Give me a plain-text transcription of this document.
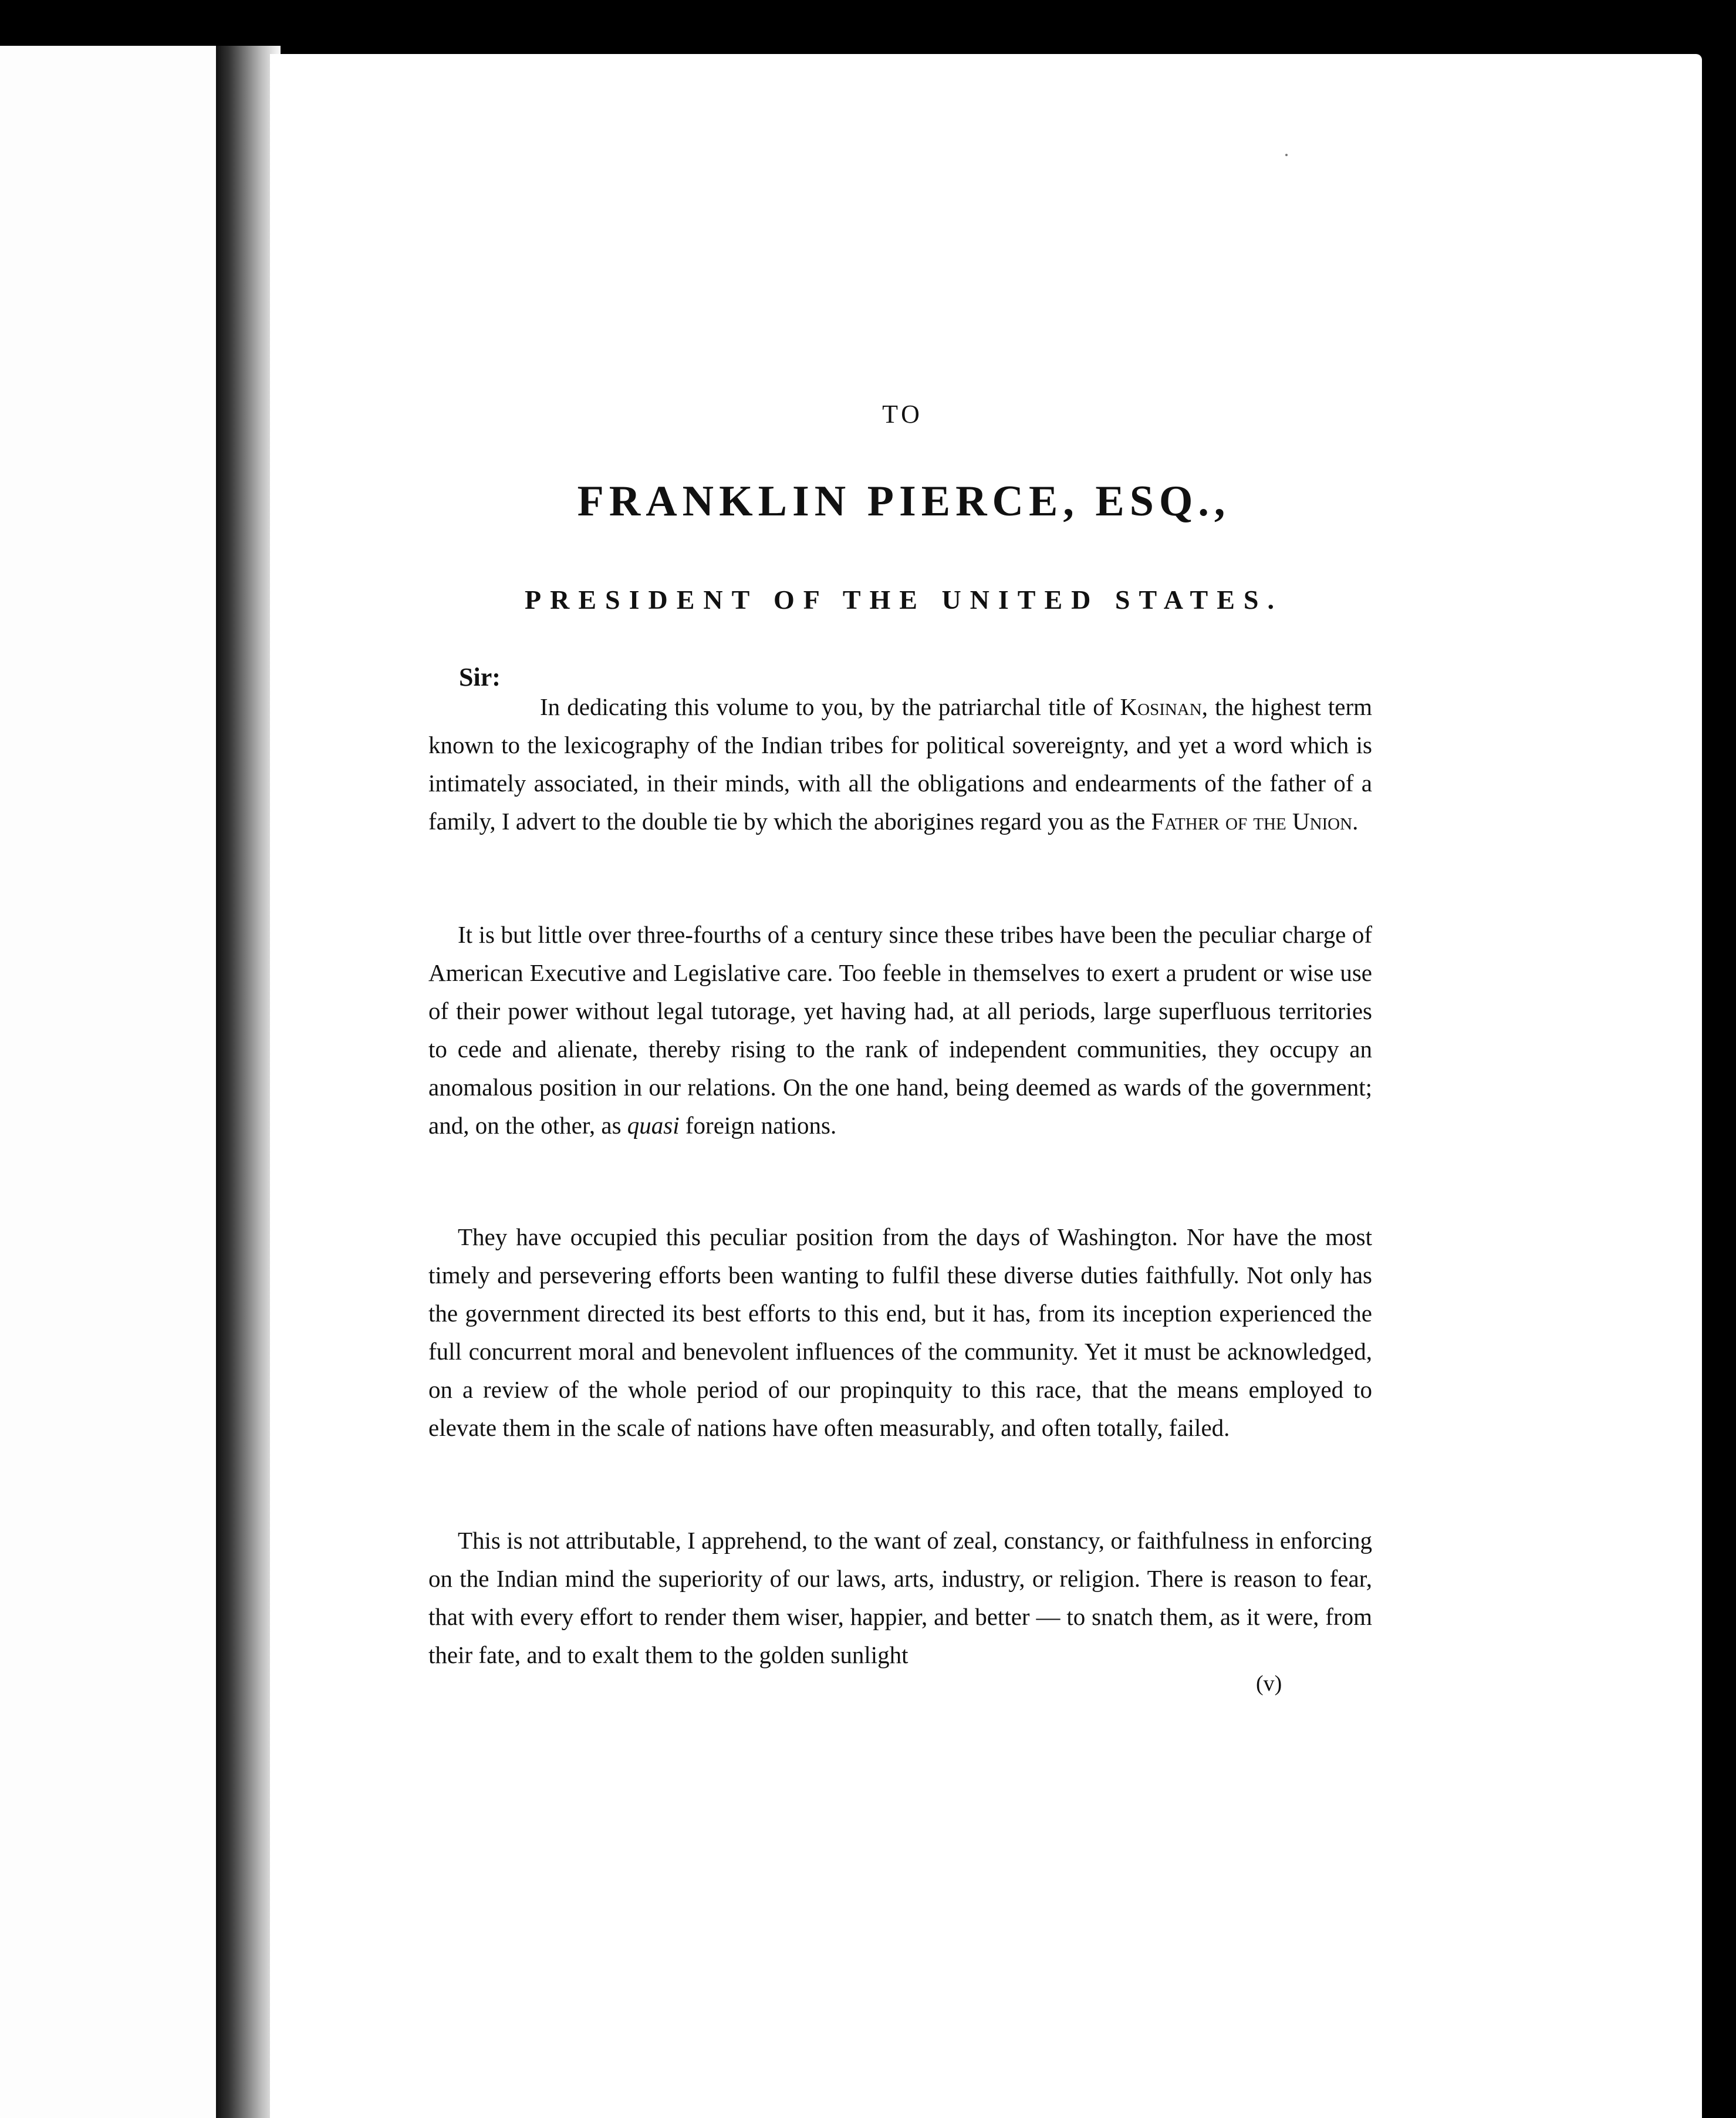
TO
FRANKLIN PIERCE, ESQ.,
PRESIDENT OF THE UNITED STATES.
Sir:

In dedicating this volume to you, by the patriarchal title of Kosinan, the highest term known to the lexicography of the Indian tribes for political sovereignty, and yet a word which is intimately associated, in their minds, with all the obligations and endearments of the father of a family, I advert to the double tie by which the aborigines regard you as the Father of the Union.

It is but little over three-fourths of a century since these tribes have been the peculiar charge of American Executive and Legislative care. Too feeble in themselves to exert a prudent or wise use of their power without legal tutorage, yet having had, at all periods, large superfluous territories to cede and alienate, thereby rising to the rank of independent communities, they occupy an anomalous position in our relations. On the one hand, being deemed as wards of the government; and, on the other, as quasi foreign nations.

They have occupied this peculiar position from the days of Washington. Nor have the most timely and persevering efforts been wanting to fulfil these diverse duties faithfully. Not only has the government directed its best efforts to this end, but it has, from its inception experienced the full concurrent moral and benevolent influences of the community. Yet it must be acknowledged, on a review of the whole period of our propinquity to this race, that the means employed to elevate them in the scale of nations have often measurably, and often totally, failed.

This is not attributable, I apprehend, to the want of zeal, constancy, or faithfulness in enforcing on the Indian mind the superiority of our laws, arts, industry, or religion. There is reason to fear, that with every effort to render them wiser, happier, and better — to snatch them, as it were, from their fate, and to exalt them to the golden sunlight

(v)
